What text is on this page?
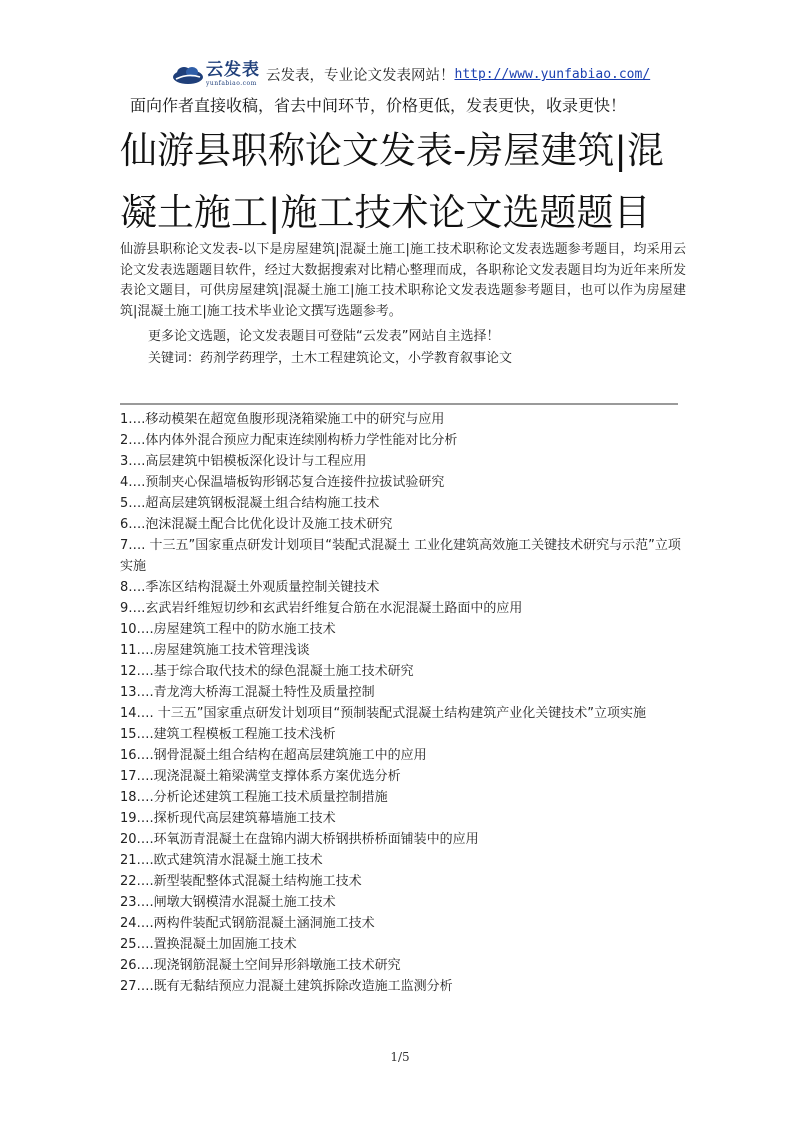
云发表
yunfabiao.com 云发表，专业论文发表网站！ http://www.yunfabiao.com/
面向作者直接收稿，省去中间环节，价格更低，发表更快，收录更快！
仙游县职称论文发表-房屋建筑|混凝土施工|施工技术论文选题题目

仙游县职称论文发表-以下是房屋建筑|混凝土施工|施工技术职称论文发表选题参考题目，均采用云论文发表选题题目软件，经过大数据搜索对比精心整理而成，各职称论文发表题目均为近年来所发表论文题目，可供房屋建筑|混凝土施工|施工技术职称论文发表选题参考题目，也可以作为房屋建筑|混凝土施工|施工技术毕业论文撰写选题参考。

更多论文选题，论文发表题目可登陆“云发表”网站自主选择！
关键词：药剂学药理学，土木工程建筑论文，小学教育叙事论文
1….移动模架在超宽鱼腹形现浇箱梁施工中的研究与应用
2….体内体外混合预应力配束连续刚构桥力学性能对比分析
3….高层建筑中铝模板深化设计与工程应用
4….预制夹心保温墙板钩形钢芯复合连接件拉拔试验研究
5….超高层建筑钢板混凝土组合结构施工技术
6….泡沫混凝土配合比优化设计及施工技术研究
7…. 十三五”国家重点研发计划项目“装配式混凝土 工业化建筑高效施工关键技术研究与示范”立项实施
8….季冻区结构混凝土外观质量控制关键技术
9….玄武岩纤维短切纱和玄武岩纤维复合筋在水泥混凝土路面中的应用
10….房屋建筑工程中的防水施工技术
11….房屋建筑施工技术管理浅谈
12….基于综合取代技术的绿色混凝土施工技术研究
13….青龙湾大桥海工混凝土特性及质量控制
14…. 十三五”国家重点研发计划项目“预制装配式混凝土结构建筑产业化关键技术”立项实施
15….建筑工程模板工程施工技术浅析
16….钢骨混凝土组合结构在超高层建筑施工中的应用
17….现浇混凝土箱梁满堂支撑体系方案优选分析
18….分析论述建筑工程施工技术质量控制措施
19….探析现代高层建筑幕墙施工技术
20….环氧沥青混凝土在盘锦内湖大桥钢拱桥桥面铺装中的应用
21….欧式建筑清水混凝土施工技术
22….新型装配整体式混凝土结构施工技术
23….闸墩大钢模清水混凝土施工技术
24….两构件装配式钢筋混凝土涵洞施工技术
25….置换混凝土加固施工技术
26….现浇钢筋混凝土空间异形斜墩施工技术研究
27….既有无黏结预应力混凝土建筑拆除改造施工监测分析
1/5
